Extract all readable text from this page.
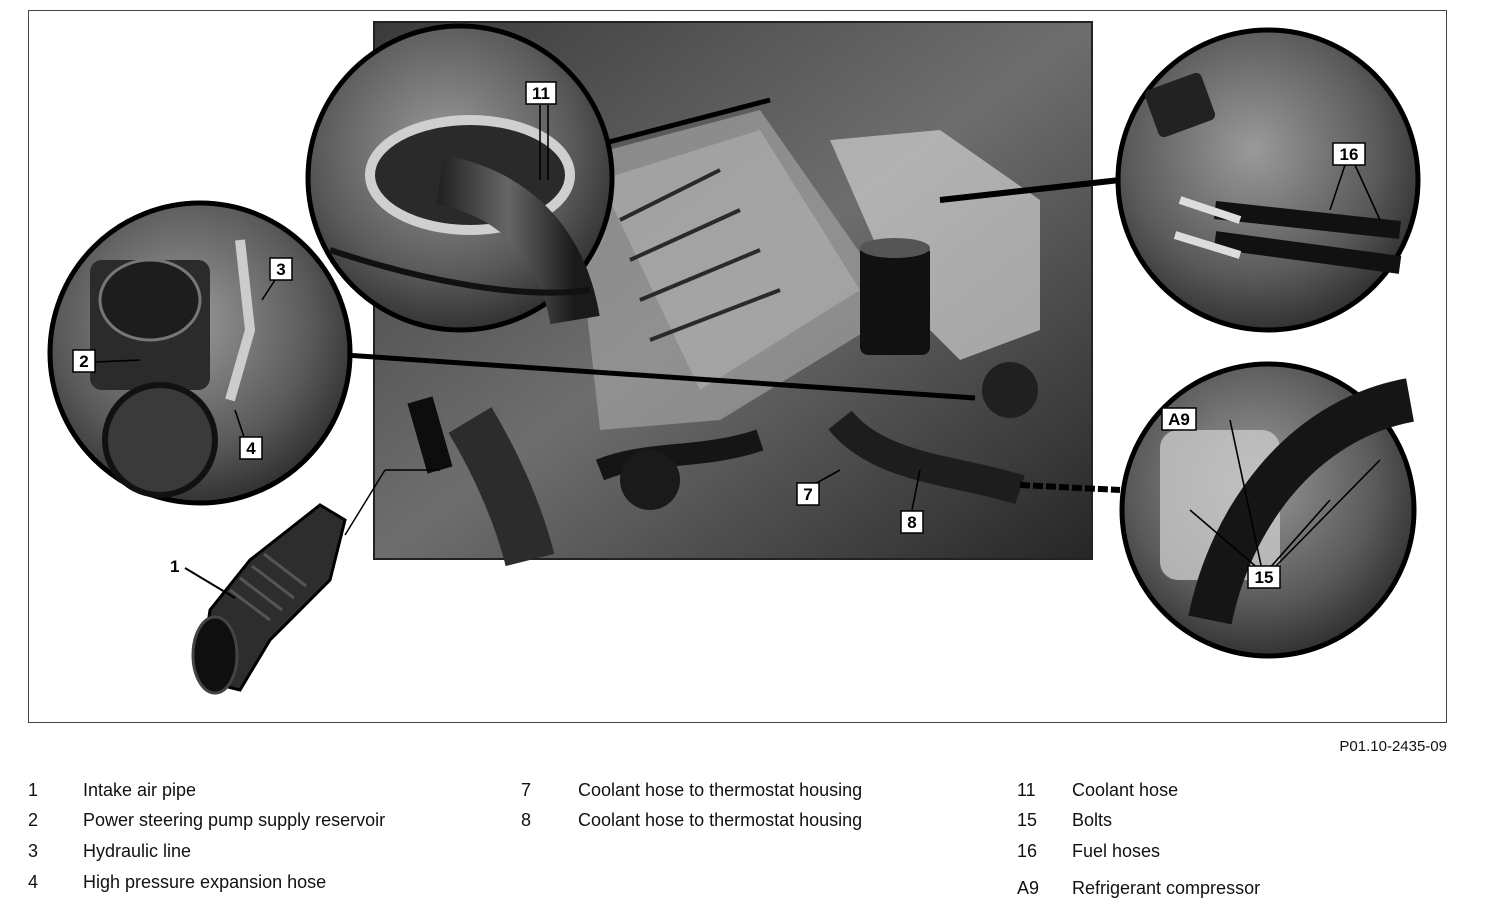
11
2
3
4
7
8
16
A9
15
1
P01.10-2435-09
1 Intake air pipe
2 Power steering pump supply reservoir
3 Hydraulic line
4 High pressure expansion hose
7	Coolant hose to thermostat housing
8	Coolant hose to thermostat housing
11 Coolant hose
15 Bolts
16 Fuel hoses
A9 Refrigerant compressor
